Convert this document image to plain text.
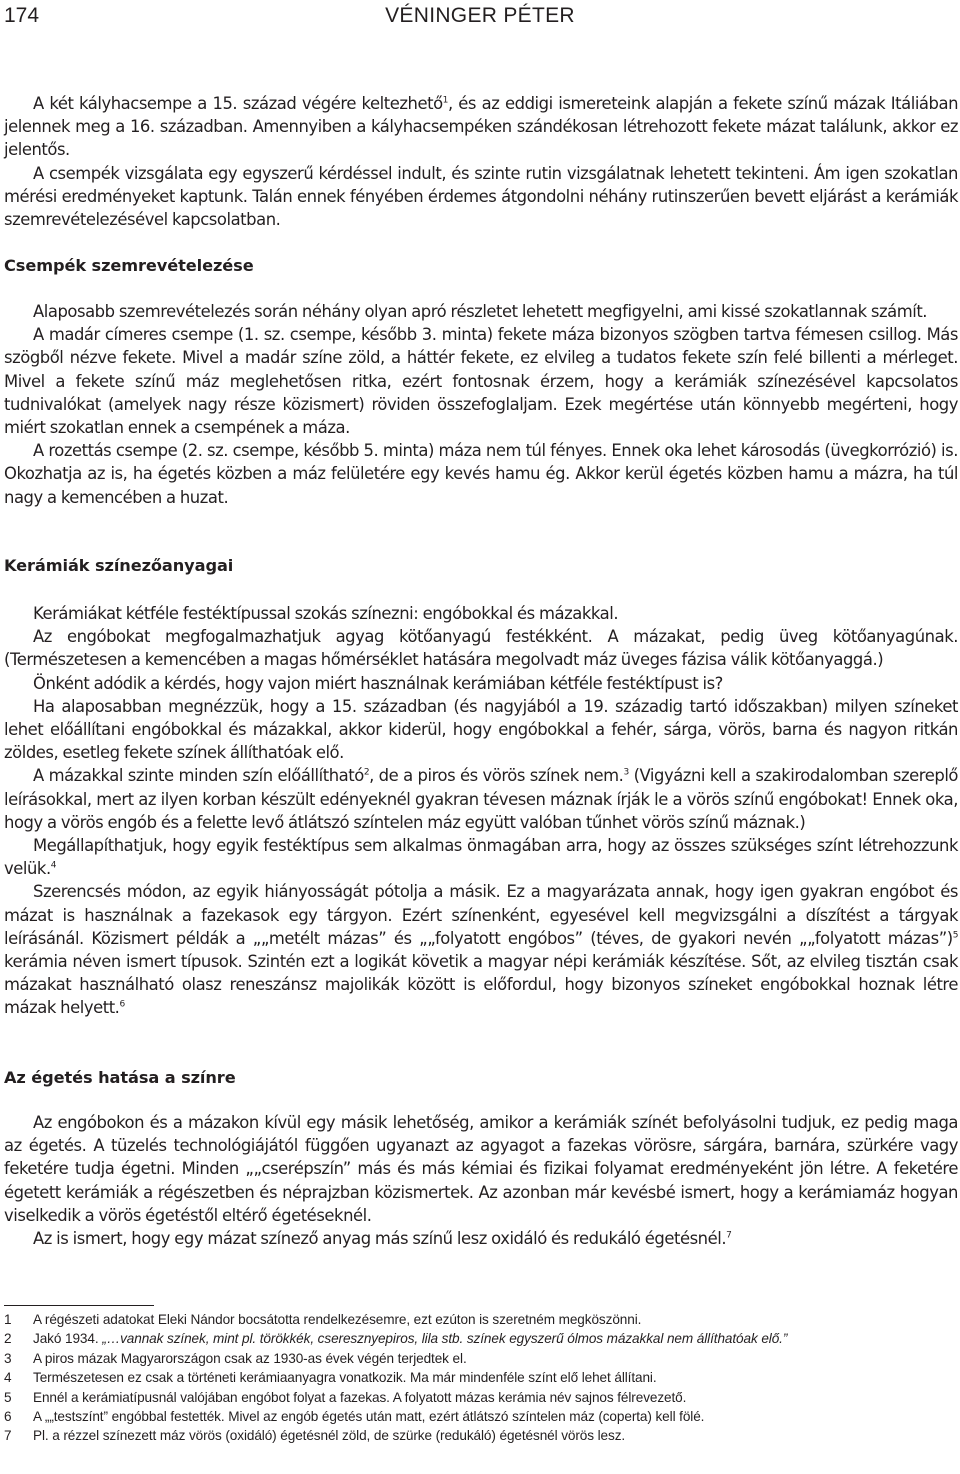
174	VÉNINGER PÉTER

A két kályhacsempe a 15. század végére keltezhető$^1$, és az eddigi ismereteink alapján a fekete színű mázak Itáliában jelennek meg a 16. században. Amennyiben a kályhacsempéken szándékosan létrehozott fekete mázat találunk, akkor ez jelentős.

A csempék vizsgálata egy egyszerű kérdéssel indult, és szinte rutin vizsgálatnak lehetett tekinteni. Ám igen szokatlan mérési eredményeket kaptunk. Talán ennek fényében érdemes átgondolni néhány rutinszerűen bevett eljárást a kerámiák szemrevételezésével kapcsolatban.

Csempék szemrevételezése

Alaposabb szemrevételezés során néhány olyan apró részletet lehetett megfigyelni, ami kissé szokatlannak számít.

A madár címeres csempe (1. sz. csempe, később 3. minta) fekete máza bizonyos szögben tartva fémesen csillog. Más szögből nézve fekete. Mivel a madár színe zöld, a háttér fekete, ez elvileg a tudatos fekete szín felé billenti a mérleget. Mivel a fekete színű máz meglehetősen ritka, ezért fontosnak érzem, hogy a kerámiák színezésével kapcsolatos tudnivalókat (amelyek nagy része közismert) röviden összefoglaljam. Ezek megértése után könnyebb megérteni, hogy miért szokatlan ennek a csempének a máza.

A rozettás csempe (2. sz. csempe, később 5. minta) máza nem túl fényes. Ennek oka lehet károsodás (üvegkorrózió) is. Okozhatja az is, ha égetés közben a máz felületére egy kevés hamu ég. Akkor kerül égetés közben hamu a mázra, ha túl nagy a kemencében a huzat.

Kerámiák színezőanyagai

Kerámiákat kétféle festéktípussal szokás színezni: engóbokkal és mázakkal.

Az engóbokat megfogalmazhatjuk agyag kötőanyagú festékként. A mázakat, pedig üveg kötőanyagúnak. (Természetesen a kemencében a magas hőmérséklet hatására megolvadt máz üveges fázisa válik kötőanyaggá.)

Önként adódik a kérdés, hogy vajon miért használnak kerámiában kétféle festéktípust is?

Ha alaposabban megnézzük, hogy a 15. században (és nagyjából a 19. századig tartó időszakban) milyen színeket lehet előállítani engóbokkal és mázakkal, akkor kiderül, hogy engóbokkal a fehér, sárga, vörös, barna és nagyon ritkán zöldes, esetleg fekete színek állíthatóak elő.

A mázakkal szinte minden szín előállítható$^2$, de a piros és vörös színek nem.$^3$ (Vigyázni kell a szakirodalomban szereplő leírásokkal, mert az ilyen korban készült edényeknél gyakran tévesen máznak írják le a vörös színű engóbokat! Ennek oka, hogy a vörös engób és a felette levő átlátszó színtelen máz együtt valóban tűnhet vörös színű máznak.)

Megállapíthatjuk, hogy egyik festéktípus sem alkalmas önmagában arra, hogy az összes szükséges színt létrehozzunk velük.$^4$

Szerencsés módon, az egyik hiányosságát pótolja a másik. Ez a magyarázata annak, hogy igen gyakran engóbot és mázat is használnak a fazekasok egy tárgyon. Ezért színenként, egyesével kell megvizsgálni a díszítést a tárgyak leírásánál. Közismert példák a „„metélt mázas” és „„folyatott engóbos” (téves, de gyakori nevén „„folyatott mázas”)$^5$ kerámia néven ismert típusok. Szintén ezt a logikát követik a magyar népi kerámiák készítése. Sőt, az elvileg tisztán csak mázakat használható olasz reneszánsz majolikák között is előfordul, hogy bizonyos színeket engóbokkal hoznak létre mázak helyett.$^6$

Az égetés hatása a színre

Az engóbokon és a mázakon kívül egy másik lehetőség, amikor a kerámiák színét befolyásolni tudjuk, ez pedig maga az égetés. A tüzelés technológiájától függően ugyanazt az agyagot a fazekas vörösre, sárgára, barnára, szürkére vagy feketére tudja égetni. Minden „„cserépszín” más és más kémiai és fizikai folyamat eredményeként jön létre. A feketére égetett kerámiák a régészetben és néprajzban közismertek. Az azonban már kevésbé ismert, hogy a kerámiamáz hogyan viselkedik a vörös égetéstől eltérő égetéseknél.

Az is ismert, hogy egy mázat színező anyag más színű lesz oxidáló és redukáló égetésnél.$^7$

1	A régészeti adatokat Eleki Nándor bocsátotta rendelkezésemre, ezt ezúton is szeretném megköszönni.
2	Jakó 1934. „…vannak színek, mint pl. törökkék, cseresznyepiros, lila stb. színek egyszerű ólmos mázakkal nem állíthatóak elő.”
3	A piros mázak Magyarországon csak az 1930-as évek végén terjedtek el.
4	Természetesen ez csak a történeti kerámiaanyagra vonatkozik. Ma már mindenféle színt elő lehet állítani.
5	Ennél a kerámiatípusnál valójában engóbot folyat a fazekas. A folyatott mázas kerámia név sajnos félrevezető.
6	A „„testszínt” engóbbal festették. Mivel az engób égetés után matt, ezért átlátszó színtelen máz (coperta) kell fölé.
7	Pl. a rézzel színezett máz vörös (oxidáló) égetésnél zöld, de szürke (redukáló) égetésnél vörös lesz.
